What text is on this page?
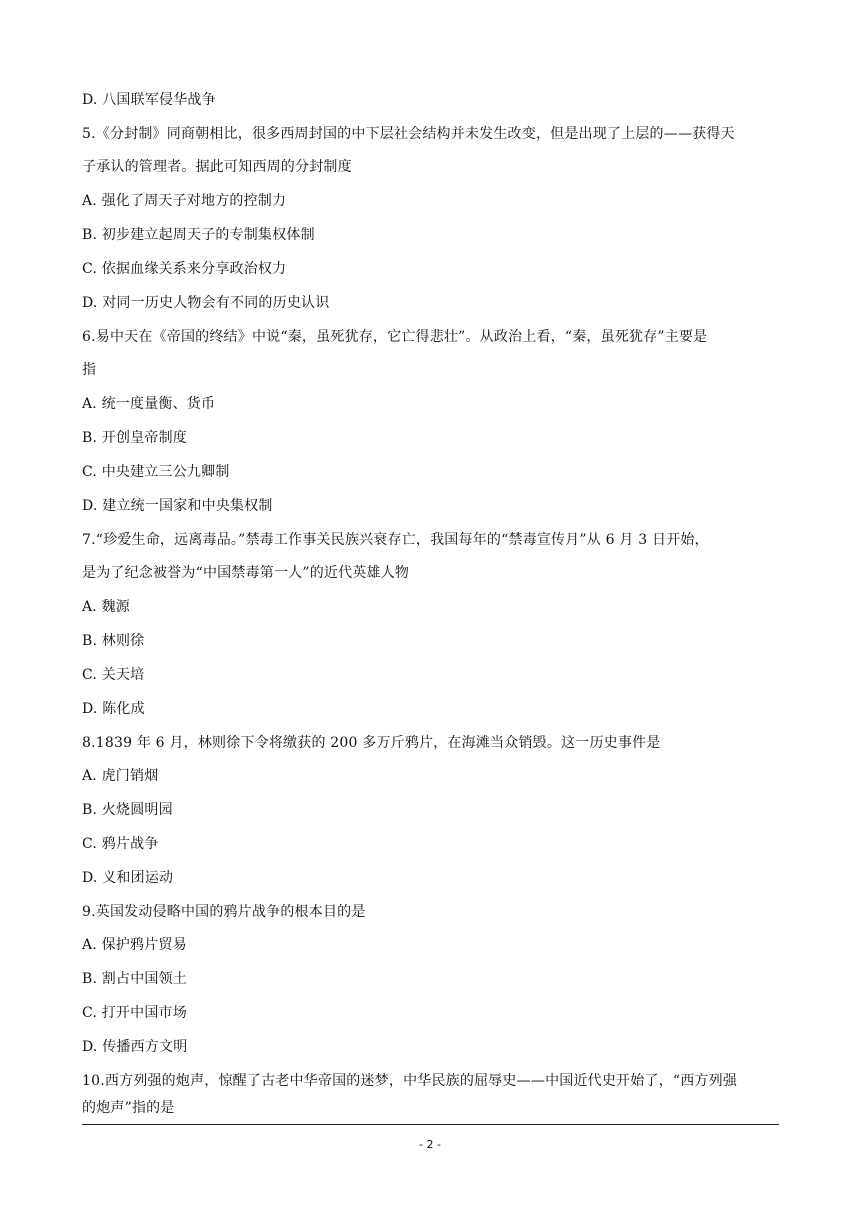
D. 八国联军侵华战争
5.《分封制》同商朝相比，很多西周封国的中下层社会结构并未发生改变，但是出现了上层的——获得天
子承认的管理者。据此可知西周的分封制度
A. 强化了周天子对地方的控制力
B. 初步建立起周天子的专制集权体制
C. 依据血缘关系来分享政治权力
D. 对同一历史人物会有不同的历史认识
6.易中天在《帝国的终结》中说“秦，虽死犹存，它亡得悲壮”。从政治上看，“秦，虽死犹存”主要是
指
A. 统一度量衡、货币
B. 开创皇帝制度
C. 中央建立三公九卿制
D. 建立统一国家和中央集权制
7.“珍爱生命，远离毒品。”禁毒工作事关民族兴衰存亡，我国每年的“禁毒宣传月”从 6 月 3 日开始，
是为了纪念被誉为“中国禁毒第一人”的近代英雄人物
A. 魏源
B. 林则徐
C. 关天培
D. 陈化成
8.1839 年 6 月，林则徐下令将缴获的 200 多万斤鸦片，在海滩当众销毁。这一历史事件是
A. 虎门销烟
B. 火烧圆明园
C. 鸦片战争
D. 义和团运动
9.英国发动侵略中国的鸦片战争的根本目的是
A. 保护鸦片贸易
B. 割占中国领土
C. 打开中国市场
D. 传播西方文明
10.西方列强的炮声，惊醒了古老中华帝国的迷梦，中华民族的屈辱史——中国近代史开始了，“西方列强
的炮声”指的是
- 2 -
